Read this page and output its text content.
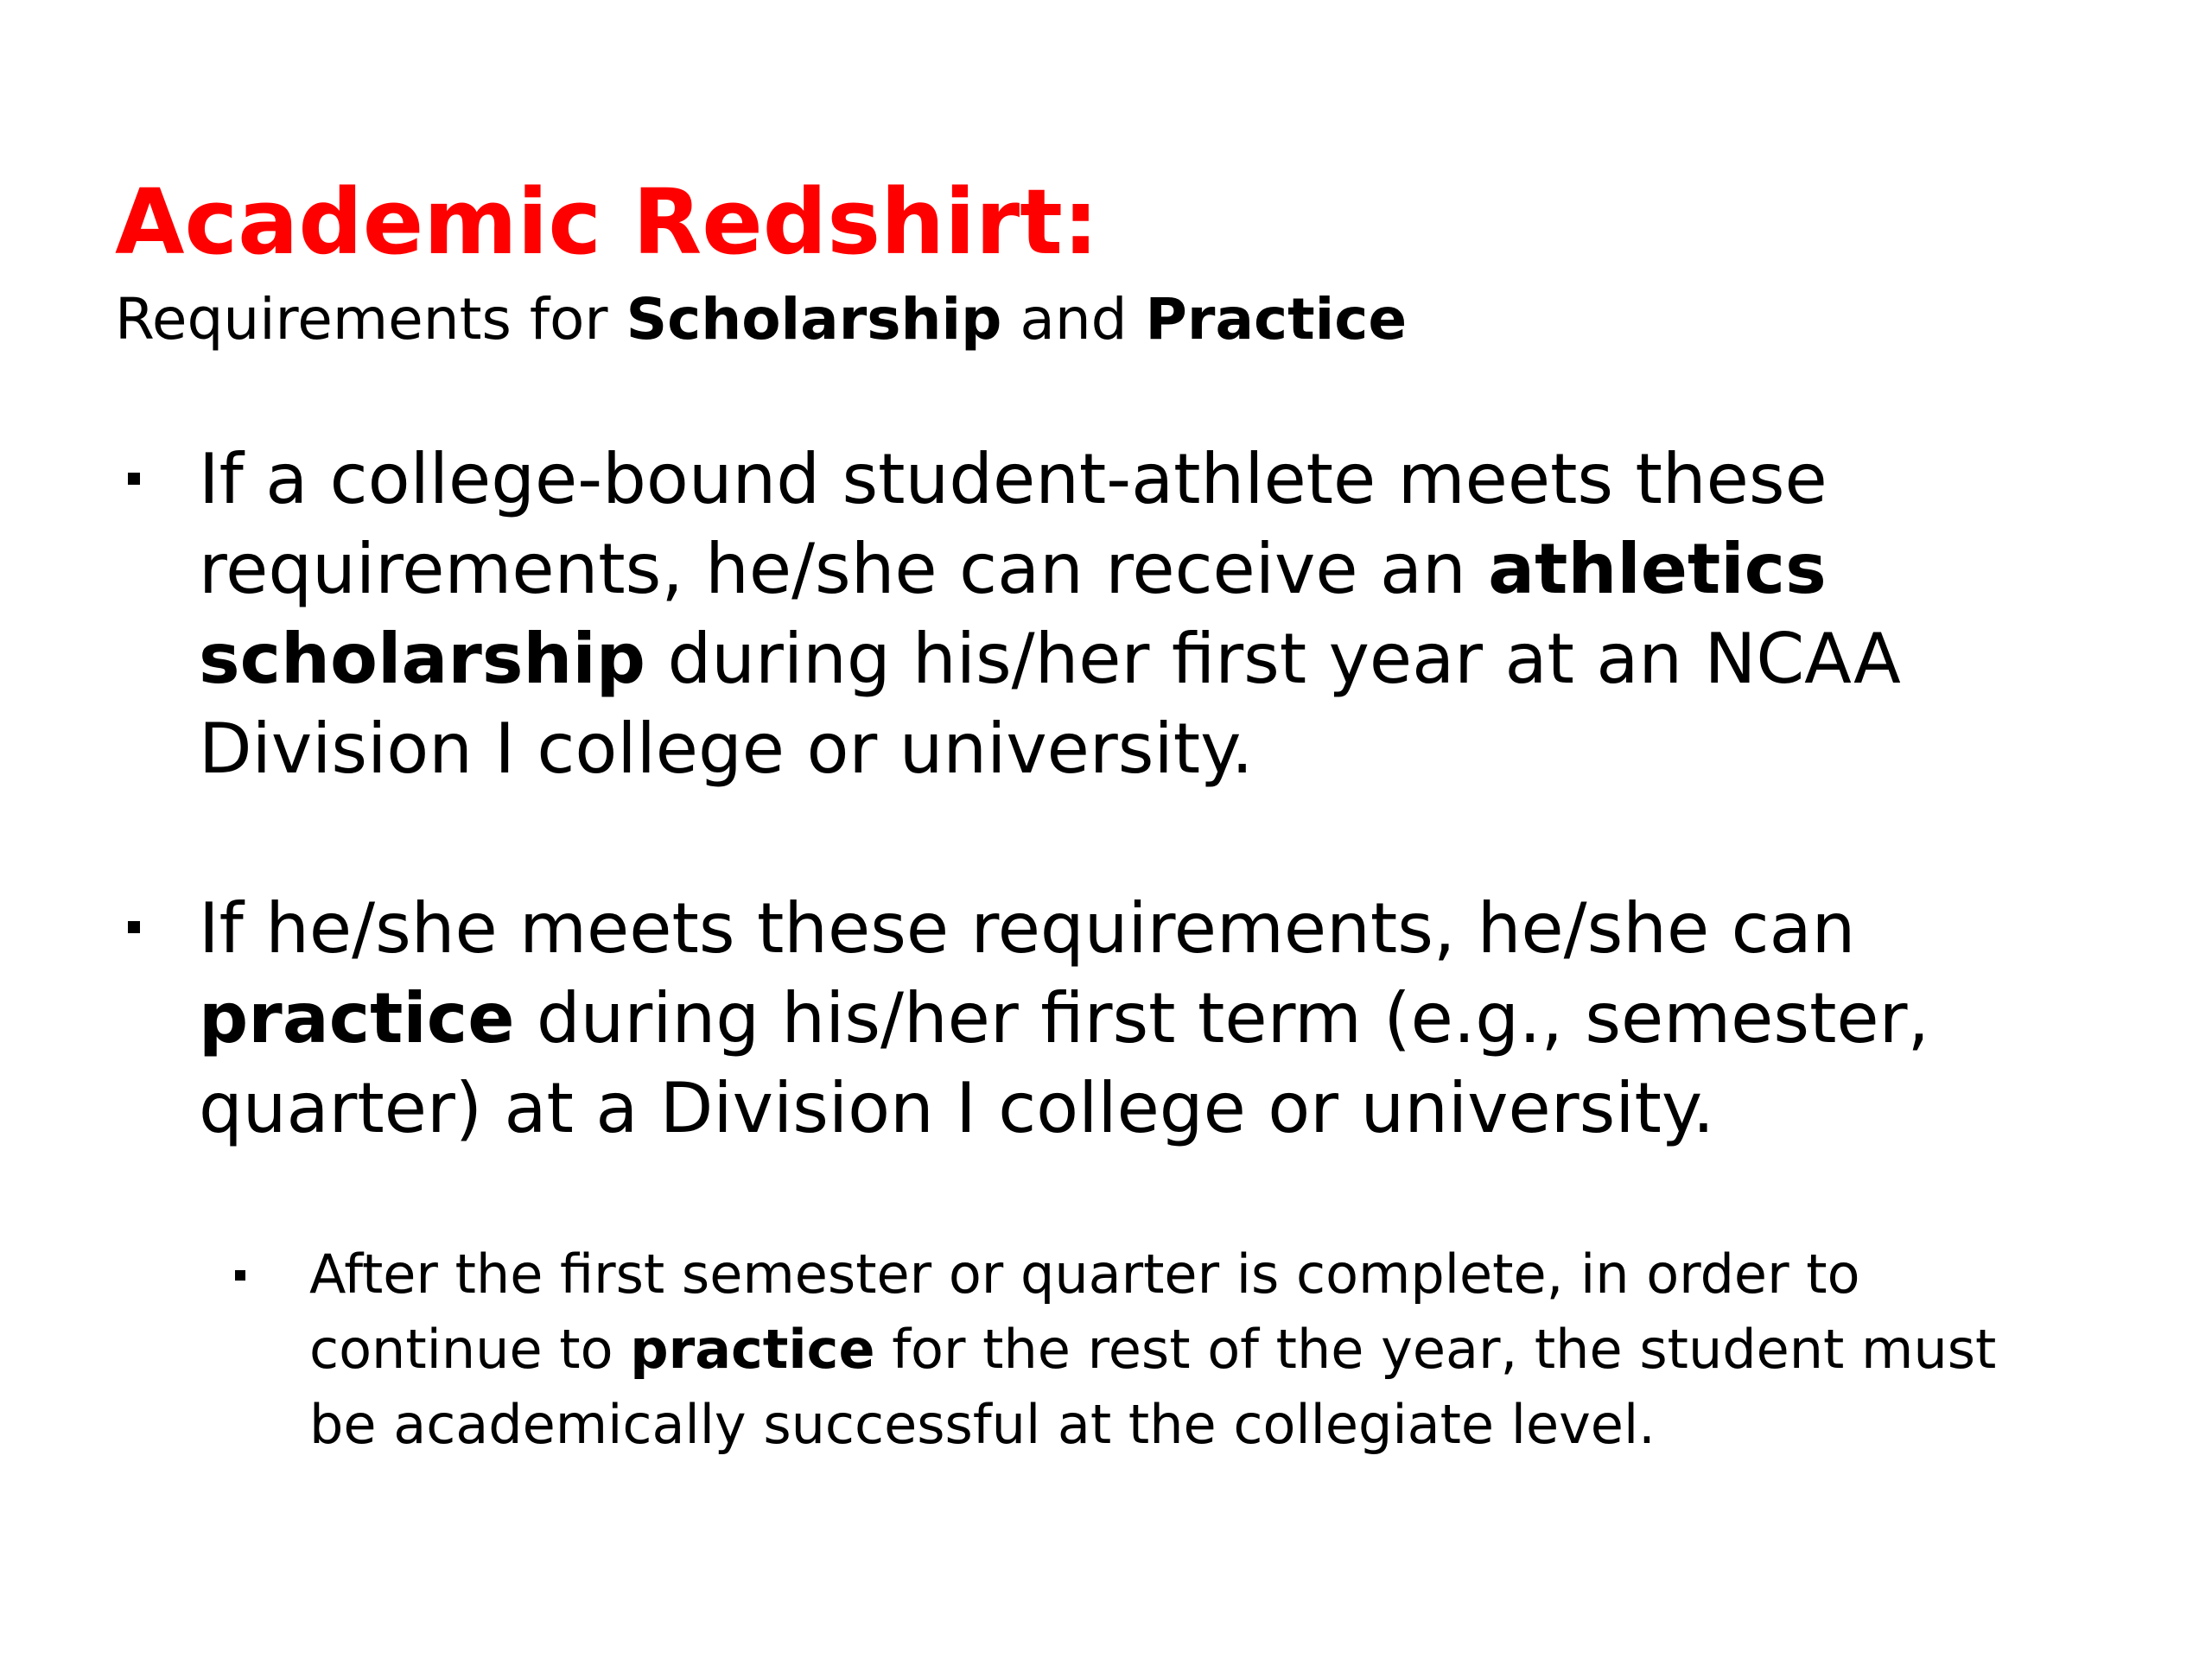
Academic Redshirt:
Requirements for Scholarship and Practice
If a college-bound student-athlete meets these
requirements, he/she can receive an athletics
scholarship during his/her first year at an NCAA
Division I college or university.
If he/she meets these requirements, he/she can
practice during his/her first term (e.g., semester,
quarter) at a Division I college or university.
After the first semester or quarter is complete, in order to
continue to practice for the rest of the year, the student must
be academically successful at the collegiate level.
